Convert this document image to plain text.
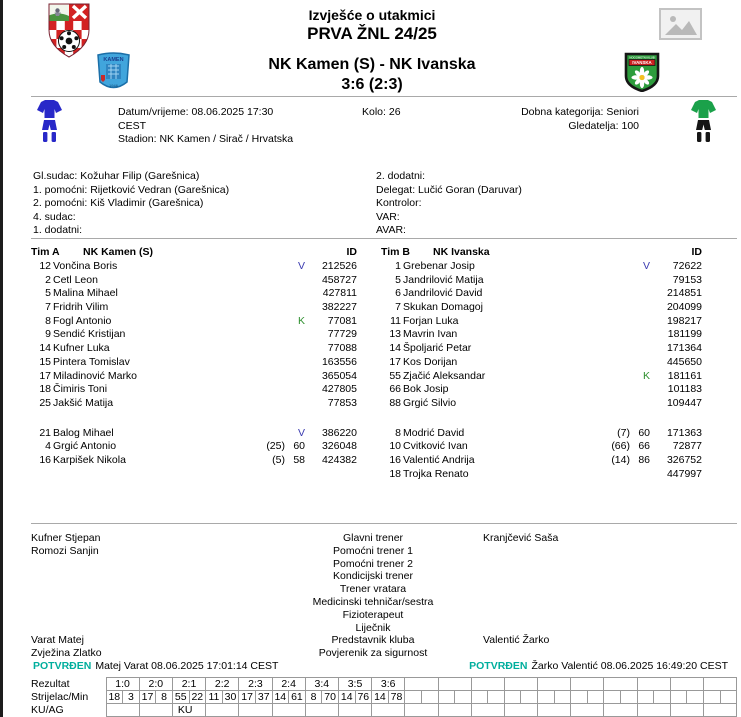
KAMEN
1946
Izvješće o utakmici
PRVA ŽNL 24/25
NK Kamen (S) - NK Ivanska
3:6 (2:3)
NOGOMETNI KLUB
IVANSKA
Datum/vrijeme: 08.06.2025 17:30
CEST
Stadion: NK Kamen / Sirač / Hrvatska
Kolo: 26	Dobna kategorija: Seniori
Gledatelja: 100
Gl.sudac: Kožuhar Filip (Garešnica)
1. pomoćni: Rijetković Vedran (Garešnica)
2. pomoćni: Kiš Vladimir (Garešnica)
4. sudac:
1. dodatni:
2. dodatni:
Delegat: Lučić Goran (Daruvar)
Kontrolor:
VAR:
AVAR:
Tim A	NK Kamen (S)	ID
12 Vončina Boris	V	212526
2 Cetl Leon	458727
5 Malina Mihael	427811
7 Fridrih Vilim	382227
8 Fogl Antonio	K	77081
9 Sendić Kristijan	77729
14 Kufner Luka	77088
15 Pintera Tomislav	163556
17 Miladinović Marko	365054
18 Čimiris Toni	427805
25 Jakšić Matija	77853
21 Balog Mihael	V	386220
4 Grgić Antonio	(25) 60	326048
16 Karpišek Nikola	(5) 58	424382
Tim B	NK Ivanska	ID
1 Grebenar Josip	V	72622
5 Jandrilović Matija	79153
6 Jandrilović David	214851
7 Skukan Domagoj	204099
11 Forjan Luka	198217
13 Mavrin Ivan	181199
14 Špoljarić Petar	171364
17 Kos Dorijan	445650
55 Zjačić Aleksandar	K	181161
66 Bok Josip	101183
88 Grgić Silvio	109447
8 Modrić David	(7) 60	171363
10 Cvitković Ivan	(66) 66	72877
16 Valentić Andrija	(14) 86	326752
18 Trojka Renato	447997
Kufner Stjepan	Glavni trener	Kranjčević Saša
Romozi Sanjin	Pomoćni trener 1
Pomoćni trener 2
Kondicijski trener
Trener vratara
Medicinski tehničar/sestra
Fizioterapeut
Liječnik
Varat Matej	Predstavnik kluba	Valentić Žarko
Zvježina Zlatko	Povjerenik za sigurnost
POTVRĐEN Matej Varat 08.06.2025 17:01:14 CEST	POTVRĐEN Žarko Valentić 08.06.2025 16:49:20 CEST
Rezultat	1:0		2:0		2:1		2:2		2:3		2:4		3:4		3:5		3:6																					
Strijelac/Min	18	3	17	8	55	22	11	30	17	37	14	61	8	70	14	76	14	78																				
KU/AG					KU																																	
